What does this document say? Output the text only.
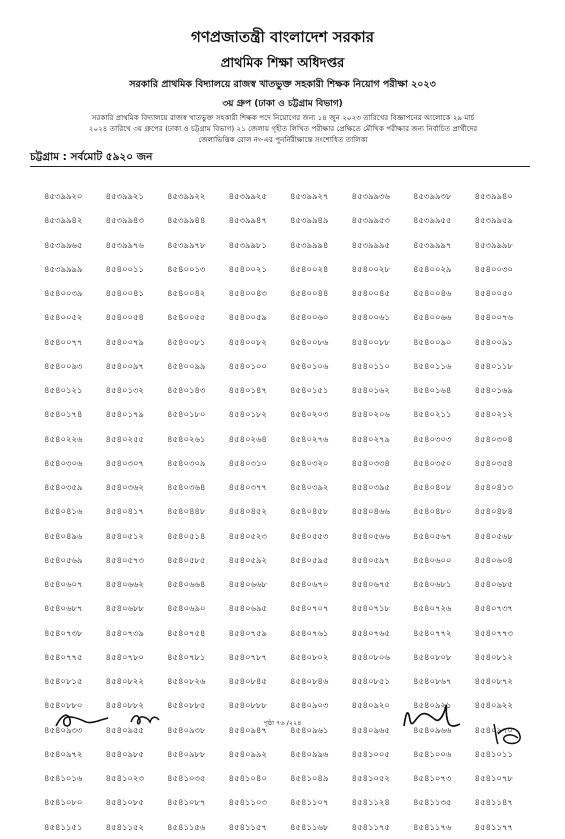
গণপ্রজাতন্ত্রী বাংলাদেশ সরকার
প্রাথমিক শিক্ষা অধিদপ্তর
সরকারি প্রাথমিক বিদ্যালয়ে রাজস্ব খাতভুক্ত সহকারী শিক্ষক নিয়োগ পরীক্ষা ২০২৩
৩য় গ্রুপ (ঢাকা ও চট্টগ্রাম বিভাগ)
সরকারি প্রাথমিক বিদ্যালয়ে রাজস্ব খাতভুক্ত সহকারী শিক্ষক পদে নিয়োগের জন্য ১৪ জুন ২০২৩ তারিখের বিজ্ঞাপনের আলোকে ২৯ মার্চ
২০২৪ তারিখে ৩য় গ্রুপের (ঢাকা ও চট্টগ্রাম বিভাগ) ২১ জেলায় গৃহীত লিখিত পরীক্ষার প্রেক্ষিতে মৌখিক পরীক্ষার জন্য নির্বাচিত প্রার্থীদের
জেলাভিত্তিক রোল নং-এর পুনর্নিরীক্ষান্তে সংশোধিত তালিকা
চট্টগ্রাম : সর্বমোট ৫৯২০ জন
৪৫৩৯৯২০	৪৫৩৯৯২১	৪৫৩৯৯২২	৪৫৩৯৯২৫	৪৫৩৯৯২৭	৪৫৩৯৯৩৬	৪৫৩৯৯৩৮	৪৫৩৯৯৪০
৪৫৩৯৯৪২	৪৫৩৯৯৪৩	৪৫৩৯৯৪৪	৪৫৩৯৯৪৭	৪৫৩৯৯৪৯	৪৫৩৯৯৫৩	৪৫৩৯৯৫৫	৪৫৩৯৯৫৯
৪৫৩৯৯৬৫	৪৫৩৯৯৭৬	৪৫৩৯৯৭৮	৪৫৩৯৯৮১	৪৫৩৯৯৯৪	৪৫৩৯৯৯৫	৪৫৩৯৯৯৭	৪৫৩৯৯৯৮
৪৫৩৯৯৯৯	৪৫৪০০১১	৪৫৪০০১৩	৪৫৪০০২১	৪৫৪০০২৪	৪৫৪০০২৮	৪৫৪০০২৯	৪৫৪০০৩০
৪৫৪০০৩৯	৪৫৪০০৪১	৪৫৪০০৪২	৪৫৪০০৪৩	৪৫৪০০৪৪	৪৫৪০০৪৫	৪৫৪০০৪৬	৪৫৪০০৫০
৪৫৪০০৫২	৪৫৪০০৫৪	৪৫৪০০৫৫	৪৫৪০০৫৯	৪৫৪০০৬০	৪৫৪০০৬১	৪৫৪০০৬৬	৪৫৪০০৭৬
৪৫৪০০৭৭	৪৫৪০০৭৯	৪৫৪০০৮১	৪৫৪০০৮২	৪৫৪০০৮৬	৪৫৪০০৮৮	৪৫৪০০৯০	৪৫৪০০৯১
৪৫৪০০৯৩	৪৫৪০০৯৭	৪৫৪০০৯৯	৪৫৪০১০০	৪৫৪০১০৬	৪৫৪০১১০	৪৫৪০১১৬	৪৫৪০১১৮
৪৫৪০১২১	৪৫৪০১৩২	৪৫৪০১৪৩	৪৫৪০১৪৭	৪৫৪০১৫১	৪৫৪০১৬২	৪৫৪০১৬৪	৪৫৪০১৬৯
৪৫৪০১৭৪	৪৫৪০১৭৯	৪৫৪০১৮০	৪৫৪০১৮২	৪৫৪০২০৩	৪৫৪০২০৬	৪৫৪০২১১	৪৫৪০২১২
৪৫৪০২২৬	৪৫৪০২৫৫	৪৫৪০২৬১	৪৫৪০২৬৪	৪৫৪০২৭৬	৪৫৪০২৭৯	৪৫৪০৩০৩	৪৫৪০৩০৪
৪৫৪০৩০৬	৪৫৪০৩০৭	৪৫৪০৩০৯	৪৫৪০৩১০	৪৫৪০৩২০	৪৫৪০৩৩৪	৪৫৪০৩৫০	৪৫৪০৩৫৪
৪৫৪০৩৫৯	৪৫৪০৩৬২	৪৫৪০৩৬৪	৪৫৪০৩৭৭	৪৫৪০৩৯২	৪৫৪০৩৯৫	৪৫৪০৪০৮	৪৫৪০৪১৩
৪৫৪০৪১৬	৪৫৪০৪১৭	৪৫৪০৪৪৮	৪৫৪০৪৫২	৪৫৪০৪৫৮	৪৫৪০৪৬৬	৪৫৪০৪৮০	৪৫৪০৪৮৪
৪৫৪০৪৯৬	৪৫৪০৫১২	৪৫৪০৫১৪	৪৫৪০৫২৩	৪৫৪০৫৫৩	৪৫৪০৫৬৬	৪৫৪০৫৬৭	৪৫৪০৫৬৮
৪৫৪০৫৬৯	৪৫৪০৫৭৩	৪৫৪০৫৮৫	৪৫৪০৫৯২	৪৫৪০৫৯৫	৪৫৪০৫৯৭	৪৫৪০৬০০	৪৫৪০৬০৪
৪৫৪০৬০৭	৪৫৪০৬৬২	৪৫৪০৬৬৪	৪৫৪০৬৬৮	৪৫৪০৬৭০	৪৫৪০৬৭৫	৪৫৪০৬৮১	৪৫৪০৬৮৫
৪৫৪০৬৮৭	৪৫৪০৬৮৮	৪৫৪০৬৯০	৪৫৪০৬৯৫	৪৫৪০৭০৭	৪৫৪০৭১৮	৪৫৪০৭২৬	৪৫৪০৭৩৭
৪৫৪০৭৩৮	৪৫৪০৭৩৯	৪৫৪০৭৫৪	৪৫৪০৭৫৯	৪৫৪০৭৬১	৪৫৪০৭৬৫	৪৫৪০৭৭২	৪৫৪০৭৭৩
৪৫৪০৭৭৫	৪৫৪০৭৮০	৪৫৪০৭৮১	৪৫৪০৭৮৭	৪৫৪০৮০২	৪৫৪০৮০৬	৪৫৪০৮০৮	৪৫৪০৮১২
৪৫৪০৮১৫	৪৫৪০৮২২	৪৫৪০৮২৬	৪৫৪০৮৪৫	৪৫৪০৮৪৬	৪৫৪০৮৫১	৪৫৪০৮৬৭	৪৫৪০৮৭২
৪৫৪০৮৮০	৪৫৪০৮৮২	৪৫৪০৮৮৫	৪৫৪০৮৮৮	৪৫৪০৯০৩	৪৫৪০৯২০	৪৫৪০৯২১	৪৫৪০৯২২
৪৫৪০৯৩৩	৪৫৪০৯৫৫	৪৫৪০৯৩৮	৪৫৪০৯৪৭	৪৫৪০৯৬১	৪৫৪০৯৬৫	৪৫৪০৯৬৬	৪৫৪০৯৭০
৪৫৪০৯৭২	৪৫৪০৯৮৫	৪৫৪০৯৮৮	৪৫৪০৯৯২	৪৫৪০৯৯৬	৪৫৪১০০৫	৪৫৪১০০৬	৪৫৪১০১১
৪৫৪১০১৬	৪৫৪১০২৩	৪৫৪১০৩৫	৪৫৪১০৪০	৪৫৪১০৪৯	৪৫৪১০৫২	৪৫৪১০৭৩	৪৫৪১০৭৮
৪৫৪১০৮০	৪৫৪১০৮৫	৪৫৪১০৮৭	৪৫৪১১০৩	৪৫৪১১০৭	৪৫৪১১২৪	৪৫৪১১৩৫	৪৫৪১১৪৭
৪৫৪১১৫১	৪৫৪১১৫২	৪৫৪১১৫৬	৪৫৪১১৫৭	৪৫৪১১৬৮	৪৫৪১১৭৫	৪৫৪১১৭৬	৪৫৪১১৭৭
পৃষ্ঠা ৭৬ /২২৪
